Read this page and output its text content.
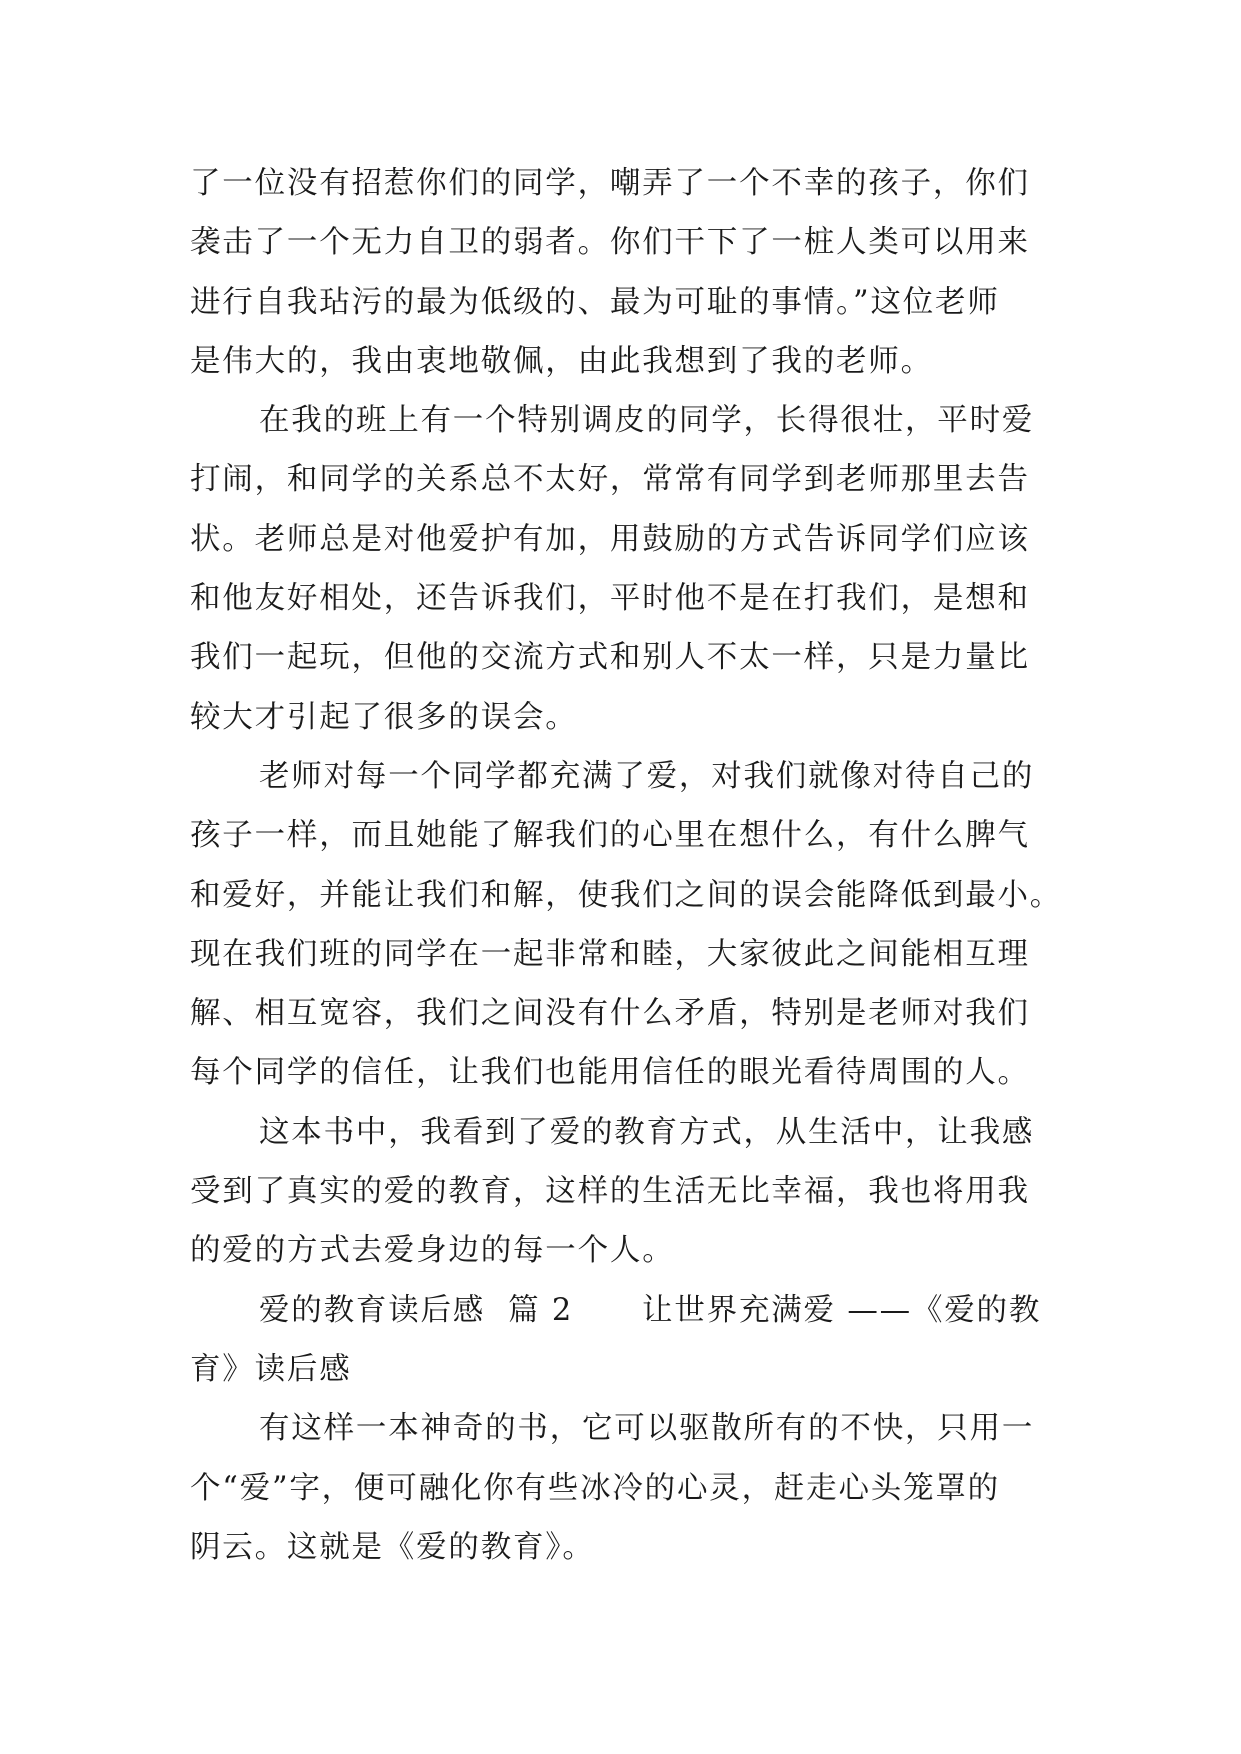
了一位没有招惹你们的同学，嘲弄了一个不幸的孩子，你们
袭击了一个无力自卫的弱者。你们干下了一桩人类可以用来
进行自我玷污的最为低级的、最为可耻的事情。”这位老师
是伟大的，我由衷地敬佩，由此我想到了我的老师。
在我的班上有一个特别调皮的同学，长得很壮，平时爱
打闹，和同学的关系总不太好，常常有同学到老师那里去告
状。老师总是对他爱护有加，用鼓励的方式告诉同学们应该
和他友好相处，还告诉我们，平时他不是在打我们，是想和
我们一起玩，但他的交流方式和别人不太一样，只是力量比
较大才引起了很多的误会。
老师对每一个同学都充满了爱，对我们就像对待自己的
孩子一样，而且她能了解我们的心里在想什么，有什么脾气
和爱好，并能让我们和解，使我们之间的误会能降低到最小。
现在我们班的同学在一起非常和睦，大家彼此之间能相互理
解、相互宽容，我们之间没有什么矛盾，特别是老师对我们
每个同学的信任，让我们也能用信任的眼光看待周围的人。
这本书中，我看到了爱的教育方式，从生活中，让我感
受到了真实的爱的教育，这样的生活无比幸福，我也将用我
的爱的方式去爱身边的每一个人。
爱的教育读后感  篇 2      让世界充满爱 ——《爱的教
育》读后感
有这样一本神奇的书，它可以驱散所有的不快，只用一
个“爱”字，便可融化你有些冰冷的心灵，赶走心头笼罩的
阴云。这就是《爱的教育》。
